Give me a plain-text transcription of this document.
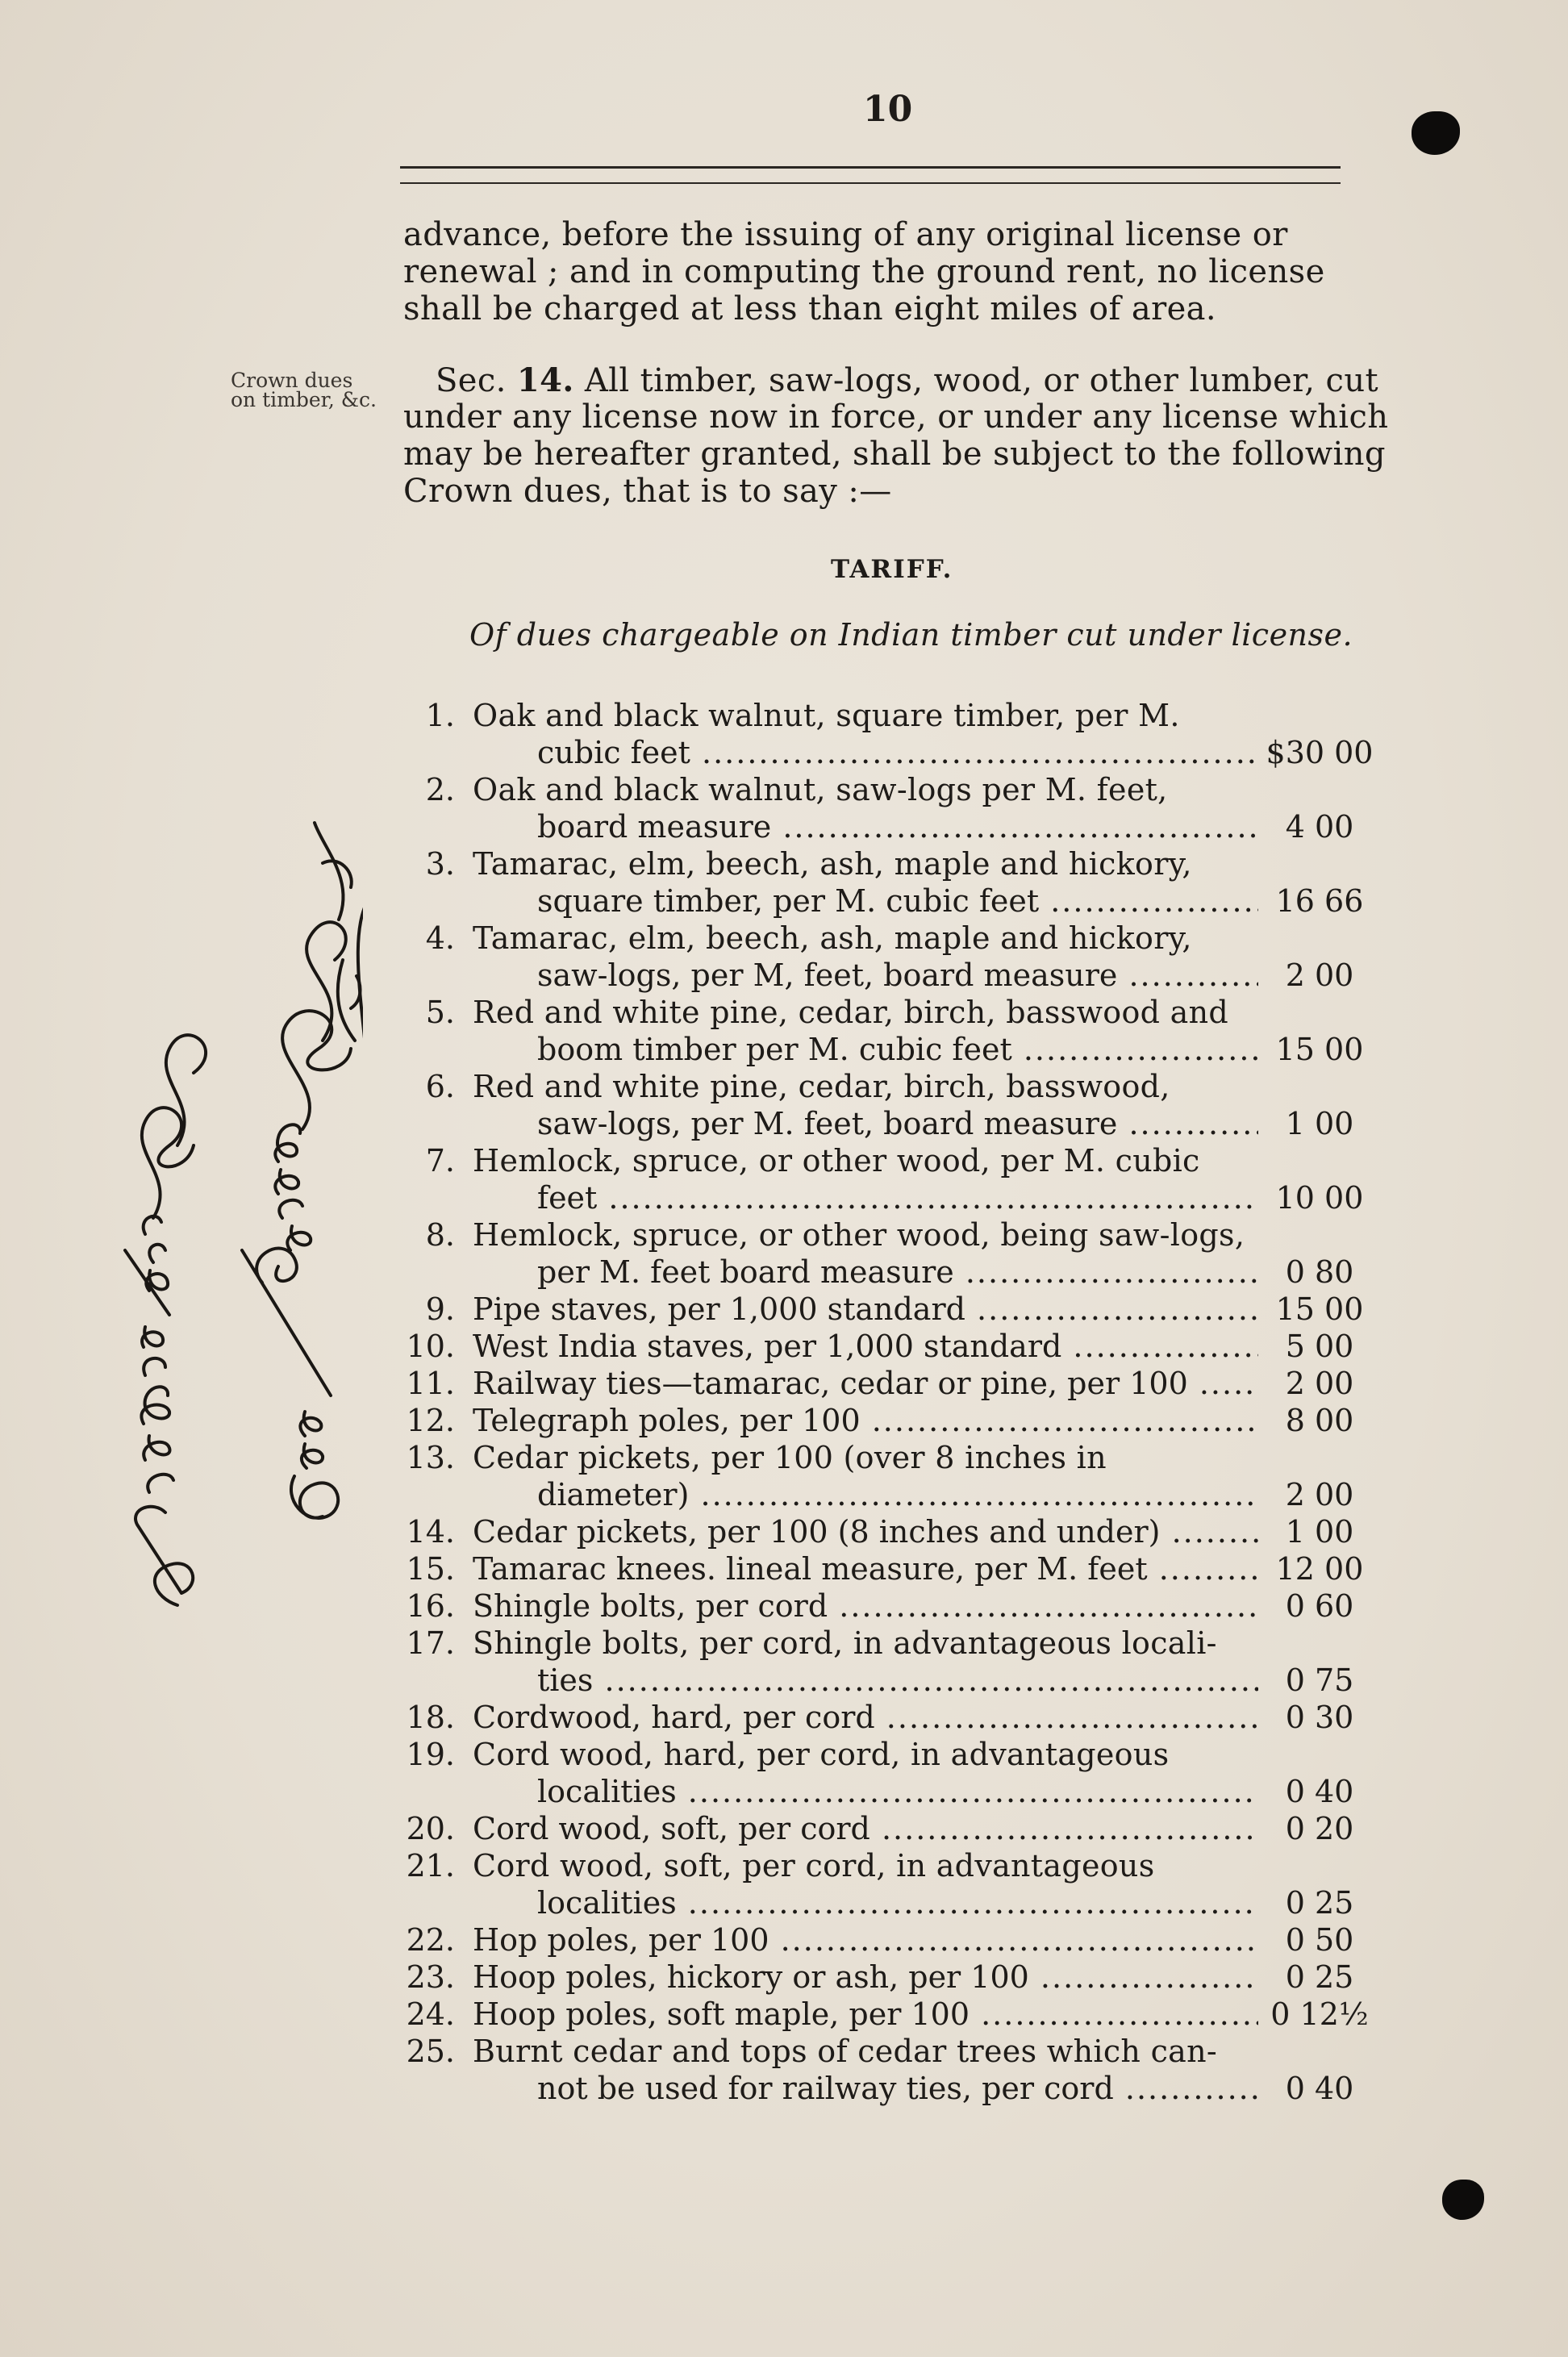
10
advance, before the issuing of any original license or
renewal ; and in computing the ground rent, no license
shall be charged at less than eight miles of area.
Crown dues
on timber, &c.
Sec. 14. All timber, saw-logs, wood, or other lumber, cut
under any license now in force, or under any license which
may be hereafter granted, shall be subject to the following
Crown dues, that is to say :—
TARIFF.
Of dues chargeable on Indian timber cut under license.
1. Oak and black walnut, square timber, per M.
cubic feet .....	$30 00
2. Oak and black walnut, saw-logs per M. feet,
board measure .....	4 00
3. Tamarac, elm, beech, ash, maple and hickory,
square timber, per M. cubic feet .....	16 66
4. Tamarac, elm, beech, ash, maple and hickory,
saw-logs, per M, feet, board measure .....	2 00
5. Red and white pine, cedar, birch, basswood and
boom timber per M. cubic feet .....	15 00
6. Red and white pine, cedar, birch, basswood,
saw-logs, per M. feet, board measure .....	1 00
7. Hemlock, spruce, or other wood, per M. cubic
feet .....	10 00
8. Hemlock, spruce, or other wood, being saw-logs,
per M. feet board measure .....	0 80
9. Pipe staves, per 1,000 standard .....	15 00
10. West India staves, per 1,000 standard .....	5 00
11. Railway ties—tamarac, cedar or pine, per 100 .....	2 00
12. Telegraph poles, per 100 .....	8 00
13. Cedar pickets, per 100 (over 8 inches in
diameter) .....	2 00
14. Cedar pickets, per 100 (8 inches and under) .....	1 00
15. Tamarac knees. lineal measure, per M. feet .....	12 00
16. Shingle bolts, per cord .....	0 60
17. Shingle bolts, per cord, in advantageous locali-
ties .....	0 75
18. Cordwood, hard, per cord .....	0 30
19. Cord wood, hard, per cord, in advantageous
localities .....	0 40
20. Cord wood, soft, per cord .....	0 20
21. Cord wood, soft, per cord, in advantageous
localities .....	0 25
22. Hop poles, per 100 .....	0 50
23. Hoop poles, hickory or ash, per 100 .....	0 25
24. Hoop poles, soft maple, per 100 .....	0 12½
25. Burnt cedar and tops of cedar trees which can-
not be used for railway ties, per cord .....	0 40
